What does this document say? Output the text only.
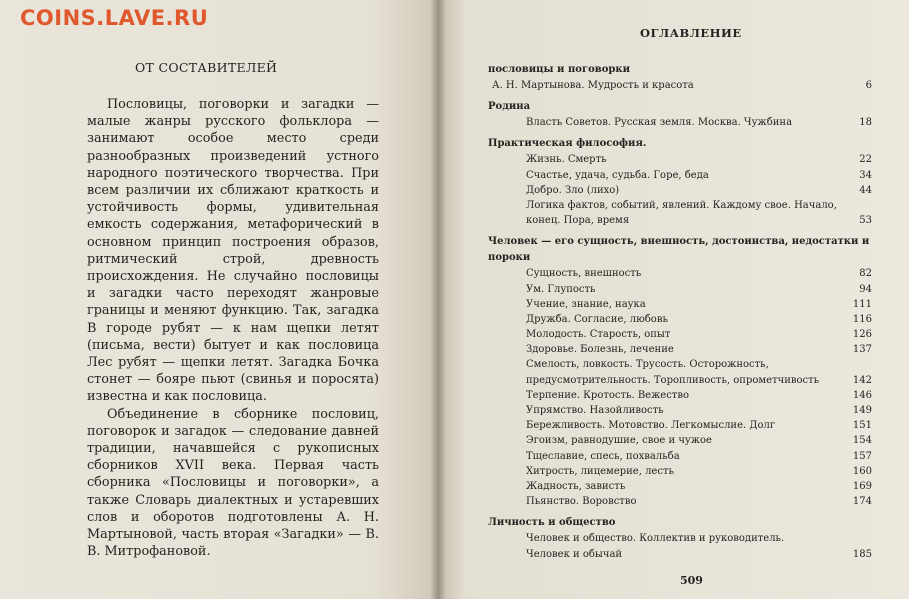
COINS.LAVE.RU
ОТ СОСТАВИТЕЛЕЙ

Пословицы, поговорки и загадки — малые жанры русского фольклора — занимают особое место среди разнообразных произведений устного народного поэтического творчества. При всем различии их сближают краткость и устойчивость формы, удивительная емкость содержания, метафорический в основном принцип построения образов, ритмический строй, древность происхождения. Не случайно пословицы и загадки часто переходят жанровые границы и меняют функцию. Так, загадка В городе рубят — к нам щепки летят (письма, вести) бытует и как пословица Лес рубят — щепки летят. Загадка Бочка стонет — бояре пьют (свинья и поросята) известна и как пословица.

Объединение в сборнике пословиц, поговорок и загадок — следование давней традиции, начавшейся с рукописных сборников XVII века. Первая часть сборника «Пословицы и поговорки», а также Словарь диалектных и устаревших слов и оборотов подготовлены А. Н. Мартыновой, часть вторая «Загадки» — В. В. Митрофановой.

ОГЛАВЛЕНИЕ
пословицы и поговорки
А. Н. Мартынова. Мудрость и красота	6
Родина
Власть Советов. Русская земля. Москва. Чужбина	18
Практическая философия.
Жизнь. Смерть	22
Счастье, удача, судьба. Горе, беда	34
Добро. Зло (лихо)	44
Логика фактов, событий, явлений. Каждому свое. Начало, конец. Пора, время	53
Человек — его сущность, внешность, достоинства, недостатки и пороки
Сущность, внешность	82
Ум. Глупость	94
Учение, знание, наука	111
Дружба. Согласие, любовь	116
Молодость. Старость, опыт	126
Здоровье. Болезнь, лечение	137
Смелость, ловкость. Трусость. Осторожность, предусмотрительность. Торопливость, опрометчивость	142
Терпение. Кротость. Вежество	146
Упрямство. Назойливость	149
Бережливость. Мотовство. Легкомыслие. Долг	151
Эгоизм, равнодушие, свое и чужое	154
Тщеславие, спесь, похвальба	157
Хитрость, лицемерие, лесть	160
Жадность, зависть	169
Пьянство. Воровство	174
Личность и общество
Человек и общество. Коллектив и руководитель.
Человек и обычай	185
509
